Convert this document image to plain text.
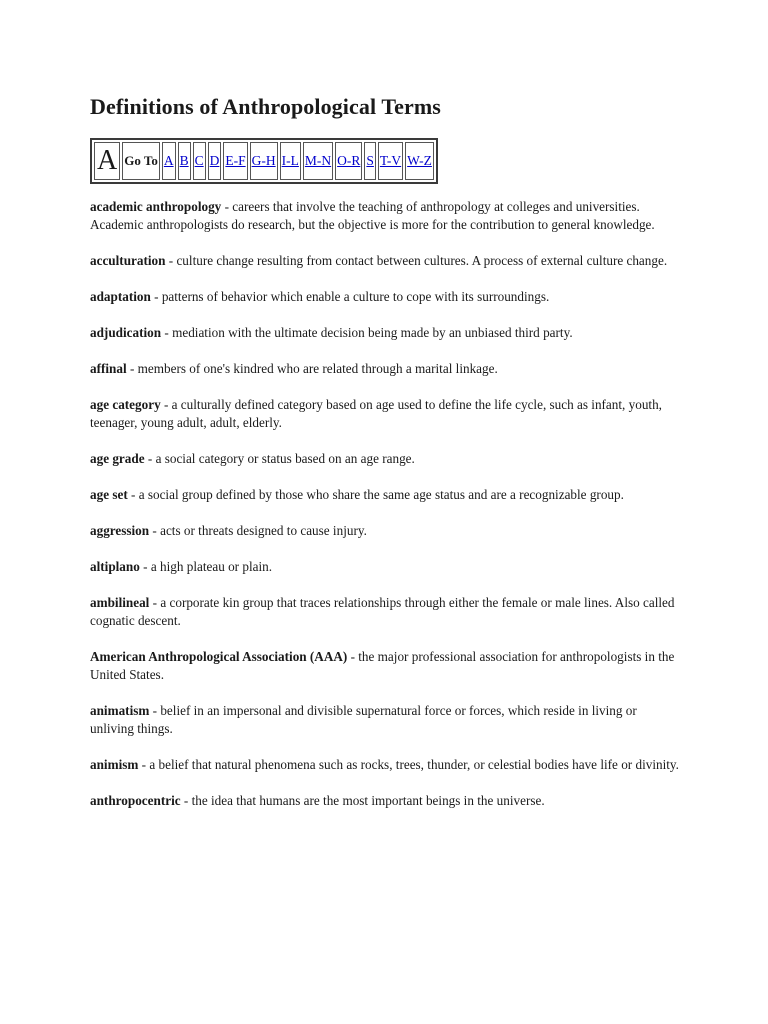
Definitions of Anthropological Terms
A	Go To	A	B	C	D	E-F	G-H	I-L	M-N	O-R	S	T-V	W-Z

academic anthropology - careers that involve the teaching of anthropology at colleges and universities. Academic anthropologists do research, but the objective is more for the contribution to general knowledge.

acculturation - culture change resulting from contact between cultures. A process of external culture change.

adaptation - patterns of behavior which enable a culture to cope with its surroundings.

adjudication - mediation with the ultimate decision being made by an unbiased third party.

affinal - members of one's kindred who are related through a marital linkage.

age category - a culturally defined category based on age used to define the life cycle, such as infant, youth, teenager, young adult, adult, elderly.

age grade - a social category or status based on an age range.

age set - a social group defined by those who share the same age status and are a recognizable group.

aggression - acts or threats designed to cause injury.

altiplano - a high plateau or plain.

ambilineal - a corporate kin group that traces relationships through either the female or male lines. Also called cognatic descent.

American Anthropological Association (AAA) - the major professional association for anthropologists in the United States.

animatism - belief in an impersonal and divisible supernatural force or forces, which reside in living or unliving things.

animism - a belief that natural phenomena such as rocks, trees, thunder, or celestial bodies have life or divinity.

anthropocentric - the idea that humans are the most important beings in the universe.
